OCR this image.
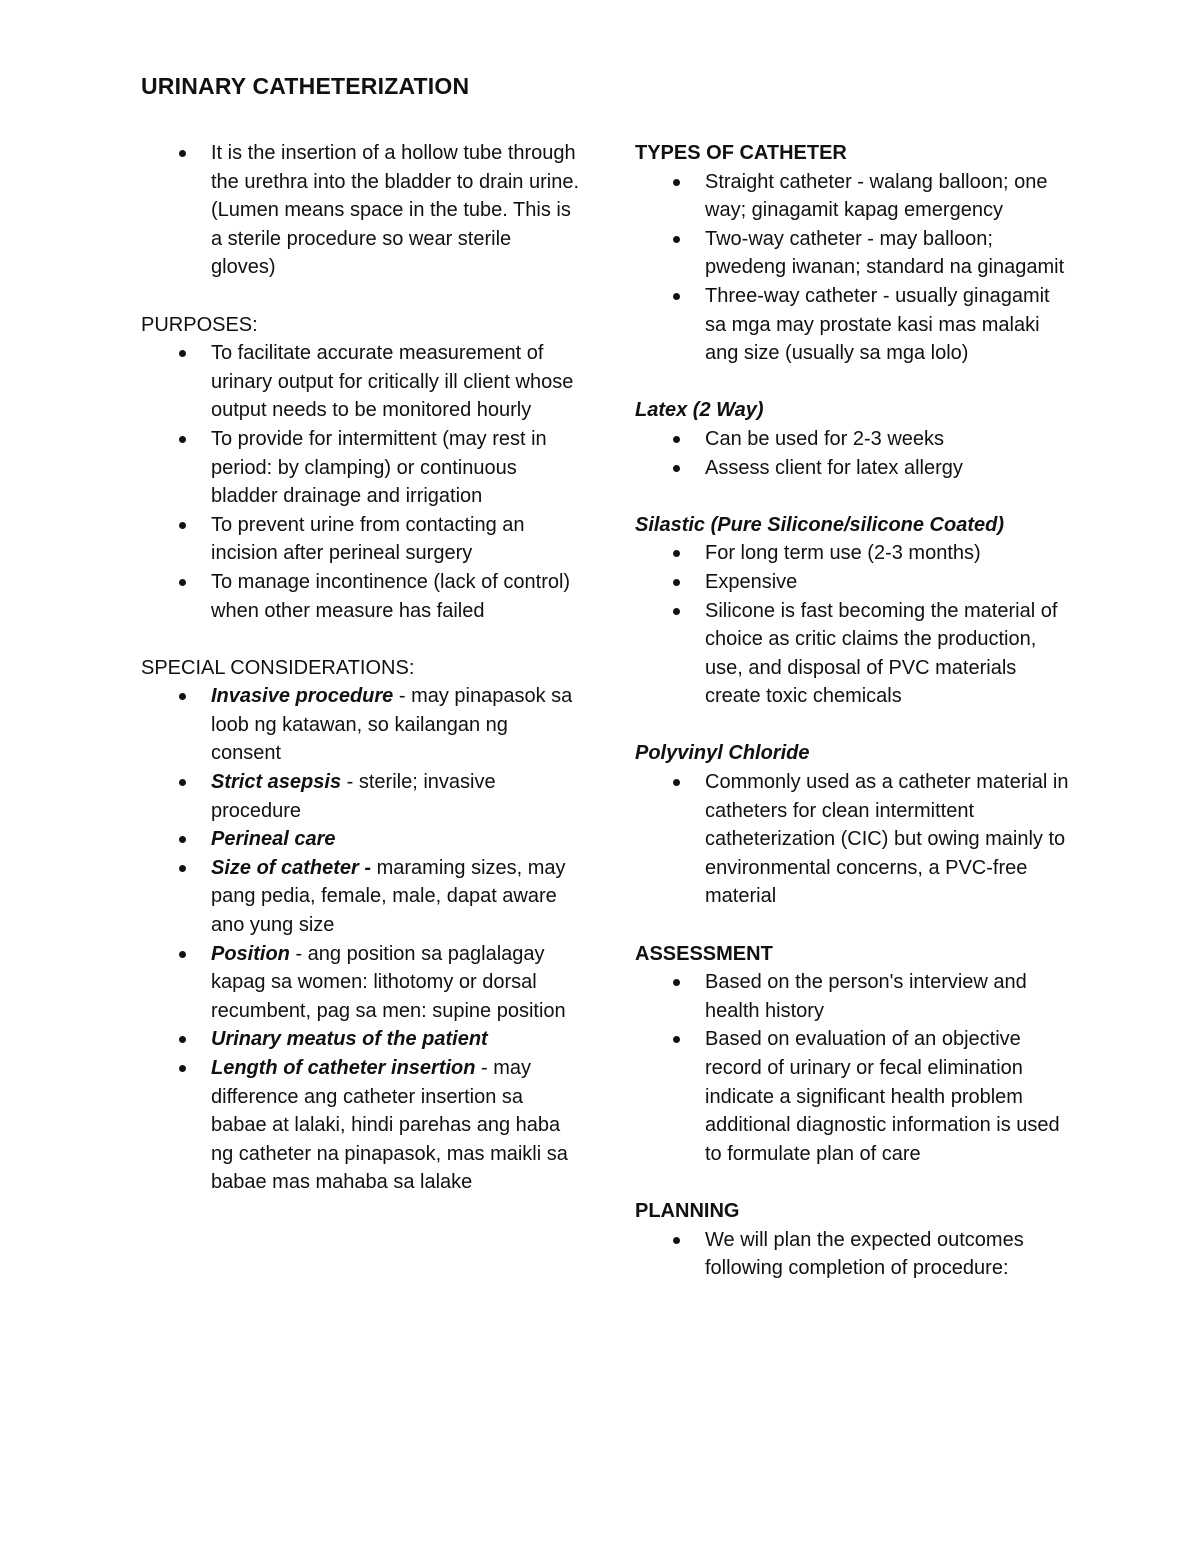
URINARY CATHETERIZATION
It is the insertion of a hollow tube through the urethra into the bladder to drain urine. (Lumen means space in the tube. This is a sterile procedure so wear sterile gloves)

PURPOSES:

To facilitate accurate measurement of urinary output for critically ill client whose output needs to be monitored hourly
To provide for intermittent (may rest in period: by clamping) or continuous bladder drainage and irrigation
To prevent urine from contacting an incision after perineal surgery
To manage incontinence (lack of control) when other measure has failed

SPECIAL CONSIDERATIONS:

Invasive procedure - may pinapasok sa loob ng katawan, so kailangan ng consent
Strict asepsis - sterile; invasive procedure
Perineal care
Size of catheter - maraming sizes, may pang pedia, female, male, dapat aware ano yung size
Position - ang position sa paglalagay kapag sa women: lithotomy or dorsal recumbent, pag sa men: supine position
Urinary meatus of the patient
Length of catheter insertion - may difference ang catheter insertion sa babae at lalaki, hindi parehas ang haba ng catheter na pinapasok, mas maikli sa babae mas mahaba sa lalake

TYPES OF CATHETER

Straight catheter - walang balloon; one way; ginagamit kapag emergency
Two-way catheter - may balloon; pwedeng iwanan; standard na ginagamit
Three-way catheter - usually ginagamit sa mga may prostate kasi mas malaki ang size (usually sa mga lolo)

Latex (2 Way)

Can be used for 2-3 weeks
Assess client for latex allergy

Silastic (Pure Silicone/silicone Coated)

For long term use (2-3 months)
Expensive
Silicone is fast becoming the material of choice as critic claims the production, use, and disposal of PVC materials create toxic chemicals

Polyvinyl Chloride

Commonly used as a catheter material in catheters for clean intermittent catheterization (CIC) but owing mainly to environmental concerns, a PVC-free material

ASSESSMENT

Based on the person's interview and health history
Based on evaluation of an objective record of urinary or fecal elimination indicate a significant health problem additional diagnostic information is used to formulate plan of care

PLANNING

We will plan the expected outcomes following completion of procedure:
